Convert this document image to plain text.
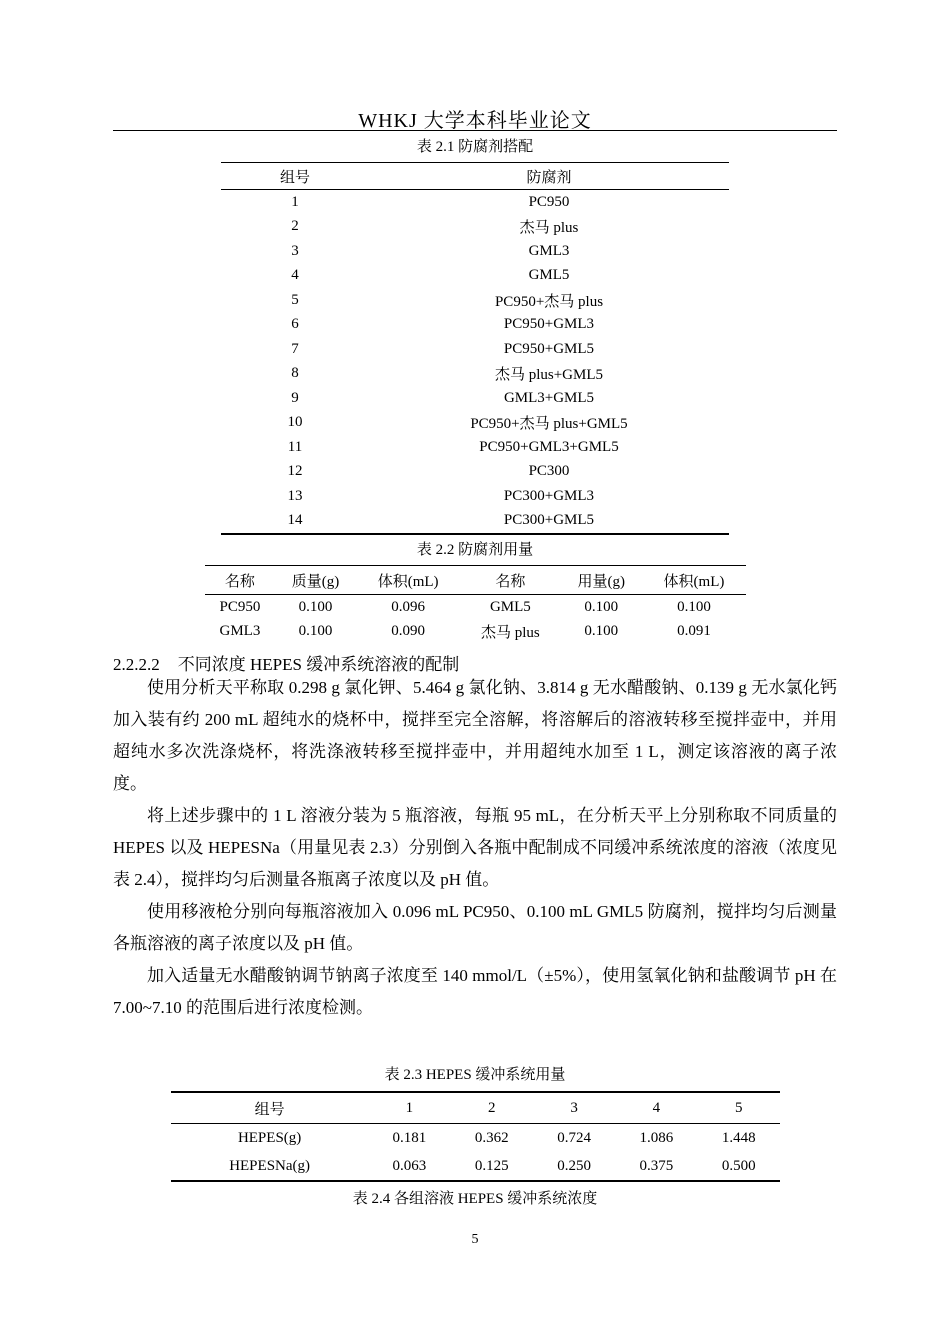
WHKJ 大学本科毕业论文
表 2.1 防腐剂搭配
组号	防腐剂
1	PC950
2	杰马 plus
3	GML3
4	GML5
5	PC950+杰马 plus
6	PC950+GML3
7	PC950+GML5
8	杰马 plus+GML5
9	GML3+GML5
10	PC950+杰马 plus+GML5
11	PC950+GML3+GML5
12	PC300
13	PC300+GML3
14	PC300+GML5
表 2.2 防腐剂用量
名称	质量(g)	体积(mL)	名称	用量(g)	体积(mL)
PC950	0.100	0.096	GML5	0.100	0.100
GML3	0.100	0.090	杰马 plus	0.100	0.091
2.2.2.2 不同浓度 HEPES 缓冲系统溶液的配制

使用分析天平称取 0.298 g 氯化钾、5.464 g 氯化钠、3.814 g 无水醋酸钠、0.139 g 无水氯化钙加入装有约 200 mL 超纯水的烧杯中，搅拌至完全溶解，将溶解后的溶液转移至搅拌壶中，并用超纯水多次洗涤烧杯，将洗涤液转移至搅拌壶中，并用超纯水加至 1 L，测定该溶液的离子浓度。

将上述步骤中的 1 L 溶液分装为 5 瓶溶液，每瓶 95 mL，在分析天平上分别称取不同质量的 HEPES 以及 HEPESNa（用量见表 2.3）分别倒入各瓶中配制成不同缓冲系统浓度的溶液（浓度见表 2.4），搅拌均匀后测量各瓶离子浓度以及 pH 值。

使用移液枪分别向每瓶溶液加入 0.096 mL PC950、0.100 mL GML5 防腐剂，搅拌均匀后测量各瓶溶液的离子浓度以及 pH 值。

加入适量无水醋酸钠调节钠离子浓度至 140 mmol/L（±5%），使用氢氧化钠和盐酸调节 pH 在 7.00~7.10 的范围后进行浓度检测。

表 2.3 HEPES 缓冲系统用量
组号	1	2	3	4	5
HEPES(g)	0.181	0.362	0.724	1.086	1.448
HEPESNa(g)	0.063	0.125	0.250	0.375	0.500
表 2.4 各组溶液 HEPES 缓冲系统浓度
5
